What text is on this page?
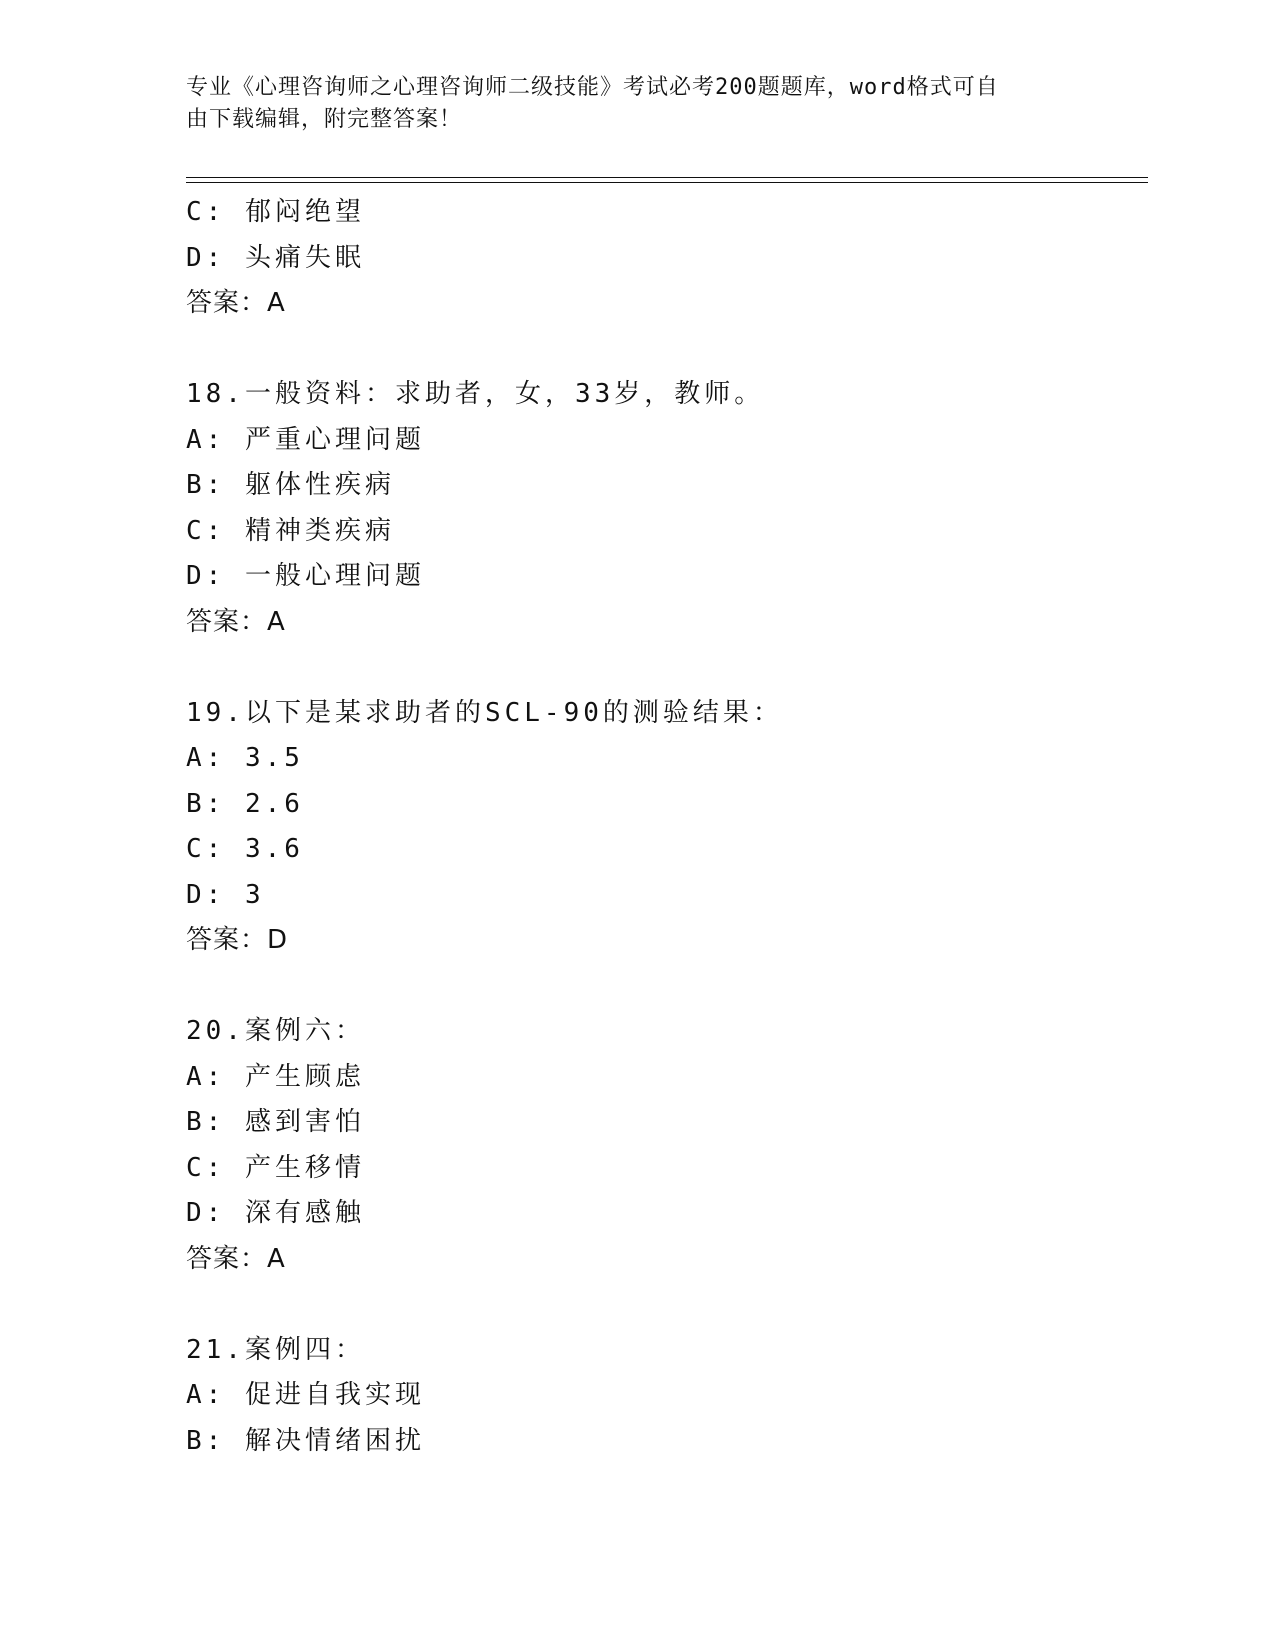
专业《心理咨询师之心理咨询师二级技能》考试必考200题题库，word格式可自
由下载编辑，附完整答案！
C: 郁闷绝望
D: 头痛失眠
答案：A
18.一般资料：求助者，女，33岁，教师。
A: 严重心理问题
B: 躯体性疾病
C: 精神类疾病
D: 一般心理问题
答案：A
19.以下是某求助者的SCL-90的测验结果：
A: 3.5
B: 2.6
C: 3.6
D: 3
答案：D
20.案例六：
A: 产生顾虑
B: 感到害怕
C: 产生移情
D: 深有感触
答案：A
21.案例四：
A: 促进自我实现
B: 解决情绪困扰
